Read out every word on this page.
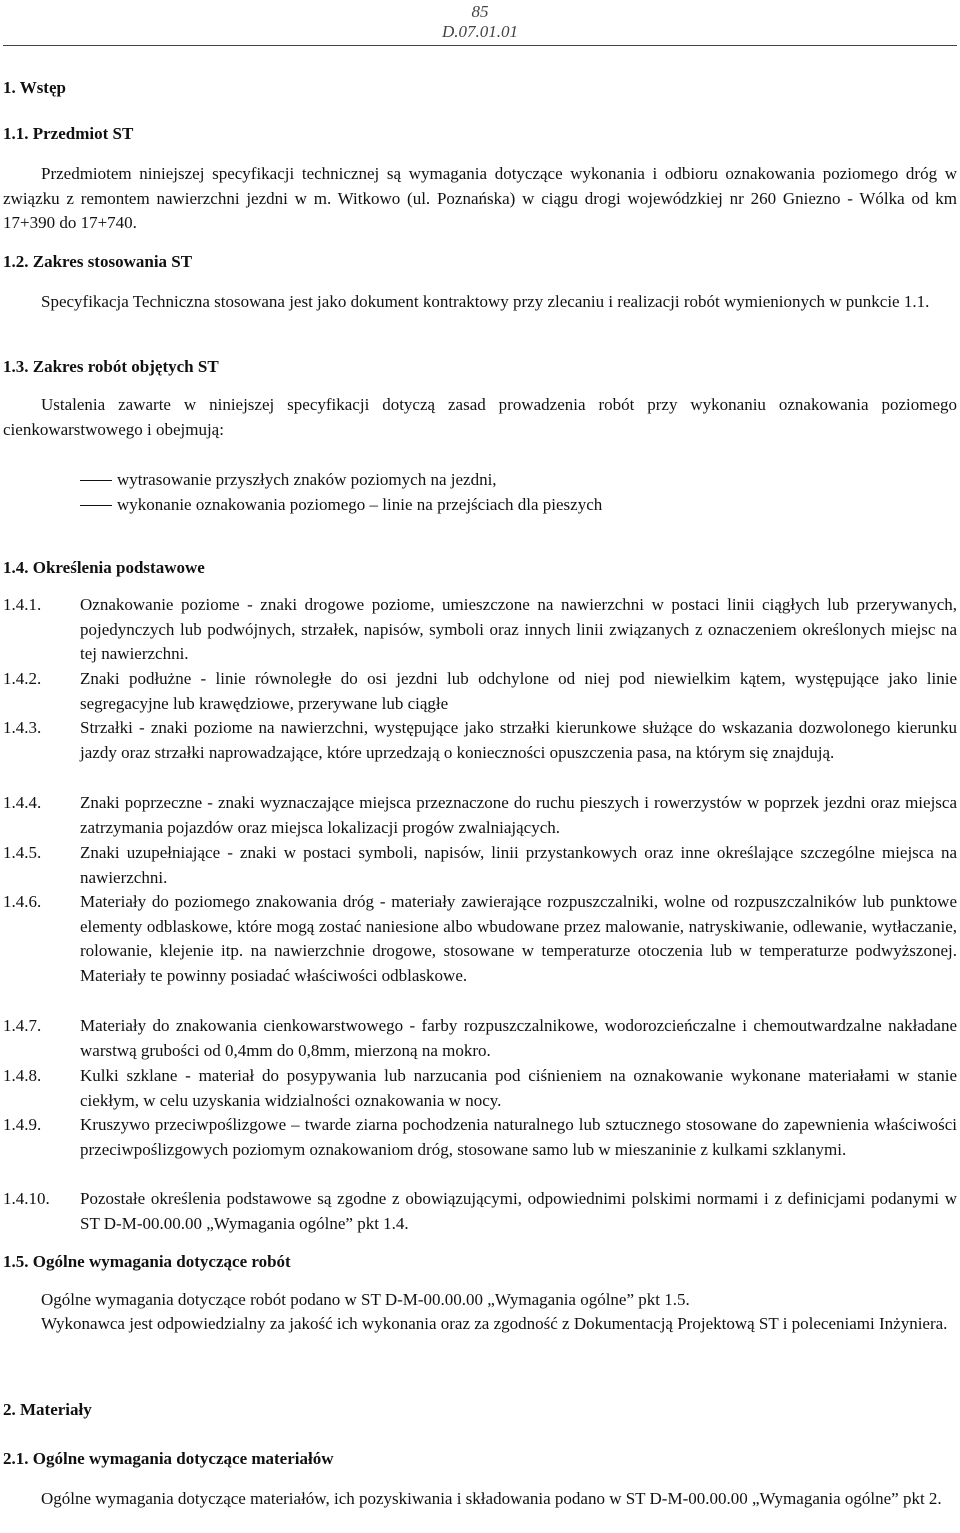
85
D.07.01.01
1. Wstęp
1.1. Przedmiot ST
Przedmiotem niniejszej specyfikacji technicznej są wymagania dotyczące wykonania i odbioru oznakowania poziomego dróg w związku z remontem nawierzchni jezdni w m. Witkowo (ul. Poznańska) w ciągu drogi wojewódzkiej nr 260 Gniezno - Wólka od km 17+390 do 17+740.
1.2. Zakres stosowania ST
Specyfikacja Techniczna stosowana jest jako dokument kontraktowy przy zlecaniu i realizacji robót wymienionych w punkcie 1.1.
1.3. Zakres robót objętych ST
Ustalenia zawarte w niniejszej specyfikacji dotyczą zasad prowadzenia robót przy wykonaniu oznakowania poziomego cienkowarstwowego i obejmują:
wytrasowanie przyszłych znaków poziomych na jezdni,
wykonanie oznakowania poziomego – linie na przejściach dla pieszych
1.4. Określenia podstawowe
1.4.1.	Oznakowanie poziome - znaki drogowe poziome, umieszczone na nawierzchni w postaci linii ciągłych lub przerywanych, pojedynczych lub podwójnych, strzałek, napisów, symboli oraz innych linii związanych z oznaczeniem określonych miejsc na tej nawierzchni.
1.4.2.	Znaki podłużne - linie równoległe do osi jezdni lub odchylone od niej pod niewielkim kątem, występujące jako linie segregacyjne lub krawędziowe, przerywane lub ciągłe
1.4.3.	Strzałki - znaki poziome na nawierzchni, występujące jako strzałki kierunkowe służące do wskazania dozwolonego kierunku jazdy oraz strzałki naprowadzające, które uprzedzają o konieczności opuszczenia pasa, na którym się znajdują.
1.4.4.	Znaki poprzeczne - znaki wyznaczające miejsca przeznaczone do ruchu pieszych i rowerzystów w poprzek jezdni oraz miejsca zatrzymania pojazdów oraz miejsca lokalizacji progów zwalniających.
1.4.5.	Znaki uzupełniające - znaki w postaci symboli, napisów, linii przystankowych oraz inne określające szczególne miejsca na nawierzchni.
1.4.6.	Materiały do poziomego znakowania dróg - materiały zawierające rozpuszczalniki, wolne od rozpuszczalników lub punktowe elementy odblaskowe, które mogą zostać naniesione albo wbudowane przez malowanie, natryskiwanie, odlewanie, wytłaczanie, rolowanie, klejenie itp. na nawierzchnie drogowe, stosowane w temperaturze otoczenia lub w temperaturze podwyższonej. Materiały te powinny posiadać właściwości odblaskowe.
1.4.7.	Materiały do znakowania cienkowarstwowego - farby rozpuszczalnikowe, wodorozcieńczalne i chemoutwardzalne nakładane warstwą grubości od 0,4mm do 0,8mm, mierzoną na mokro.
1.4.8.	Kulki szklane - materiał do posypywania lub narzucania pod ciśnieniem na oznakowanie wykonane materiałami w stanie ciekłym, w celu uzyskania widzialności oznakowania w nocy.
1.4.9.	Kruszywo przeciwpoślizgowe – twarde ziarna pochodzenia naturalnego lub sztucznego stosowane do zapewnienia właściwości przeciwpoślizgowych poziomym oznakowaniom dróg, stosowane samo lub w mieszaninie z kulkami szklanymi.
1.4.10.	Pozostałe określenia podstawowe są zgodne z obowiązującymi, odpowiednimi polskimi normami i z definicjami podanymi w ST D-M-00.00.00 „Wymagania ogólne” pkt 1.4.
1.5. Ogólne wymagania dotyczące robót
Ogólne wymagania dotyczące robót podano w ST D-M-00.00.00 „Wymagania ogólne” pkt 1.5.
Wykonawca jest odpowiedzialny za jakość ich wykonania oraz za zgodność z Dokumentacją Projektową ST i poleceniami Inżyniera.
2. Materiały
2.1. Ogólne wymagania dotyczące materiałów
Ogólne wymagania dotyczące materiałów, ich pozyskiwania i składowania podano w ST D-M-00.00.00 „Wymagania ogólne” pkt 2.
